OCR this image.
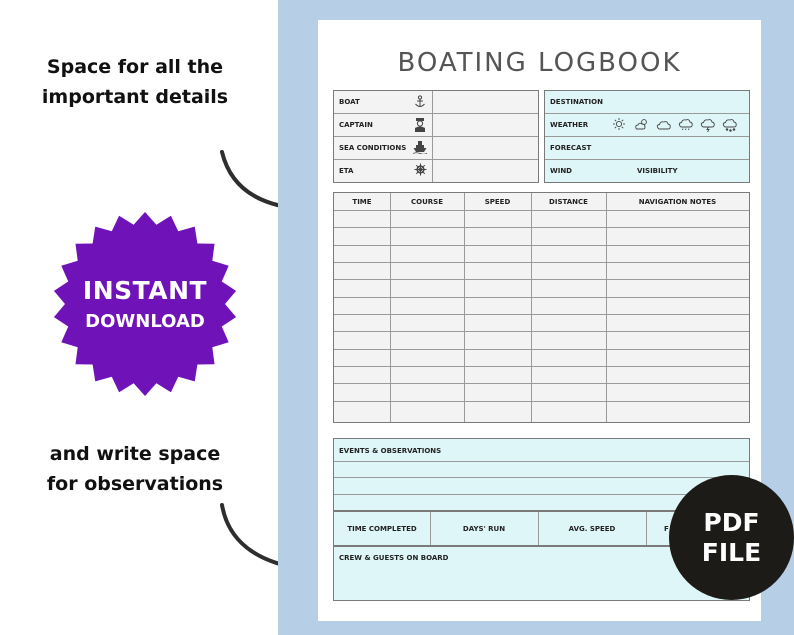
Space for all the
important details
and write space
for observations
INSTANT
DOWNLOAD
BOATING LOGBOOK
BOAT
CAPTAIN
SEA CONDITIONS
ETA
DESTINATION
WEATHER
FORECAST
WIND	VISIBILITY
TIME	COURSE	SPEED	DISTANCE	NAVIGATION NOTES
EVENTS & OBSERVATIONS
TIME COMPLETED	DAYS' RUN	AVG. SPEED	F
CREW & GUESTS ON BOARD
PDF
FILE
